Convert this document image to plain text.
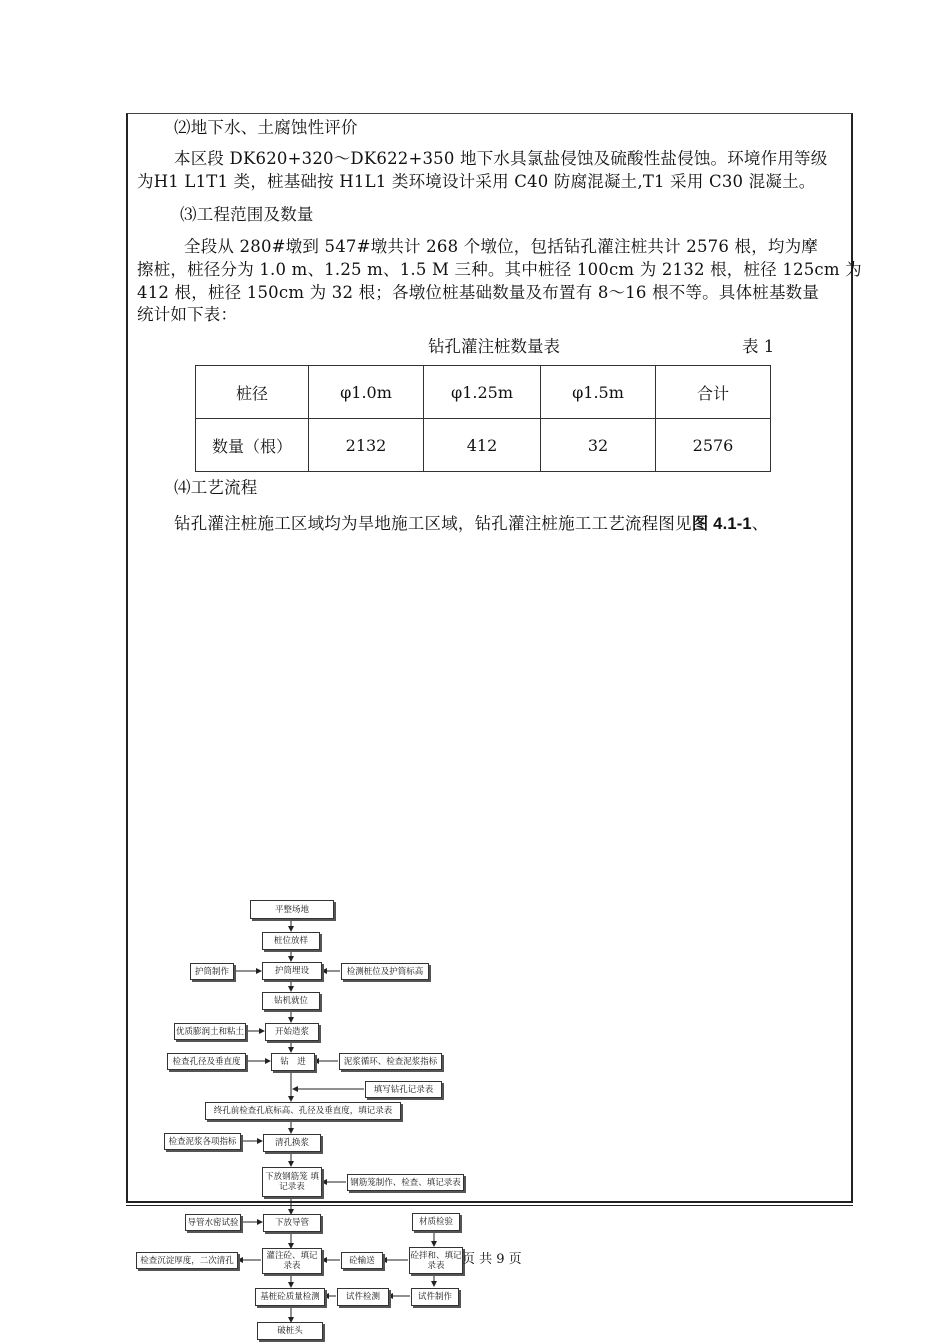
⑵地下水、土腐蚀性评价
本区段 DK620+320～DK622+350 地下水具氯盐侵蚀及硫酸性盐侵蚀。环境作用等级
为H1 L1T1 类，桩基础按 H1L1 类环境设计采用 C40 防腐混凝土,T1 采用 C30 混凝土。
⑶工程范围及数量
全段从 280#墩到 547#墩共计 268 个墩位，包括钻孔灌注桩共计 2576 根，均为摩
擦桩，桩径分为 1.0 m、1.25 m、1.5 M 三种。其中桩径 100cm 为 2132 根，桩径 125cm 为
412 根，桩径 150cm 为 32 根；各墩位桩基础数量及布置有 8～16 根不等。具体桩基数量
统计如下表：
钻孔灌注桩数量表	表 1
桩径	φ1.0m	φ1.25m	φ1.5m	合计
数量（根）	2132	412	32	2576
⑷工艺流程
钻孔灌注桩施工区域均为旱地施工区域，钻孔灌注桩施工工艺流程图见图 4.1-1、
平整场地
桩位放样
护筒埋设
钻机就位
开始造浆
钻　进
终孔前检查孔底标高、孔径及垂直度，填记录表
清孔换浆
下放钢筋笼 填记录表
下放导管
灌注砼、填记录表
基桩砼质量检测
破桩头
护筒制作	检测桩位及护筒标高
优质膨润土和粘土
检查孔径及垂直度	泥浆循环、检查泥浆指标
填写钻孔记录表
检查泥浆各项指标
钢筋笼制作、检查、填记录表
导管水密试验	材质检验
检查沉淀厚度，二次清孔	砼输送	砼拌和、填记录表
试件检测	试件制作
页 共 9 页
